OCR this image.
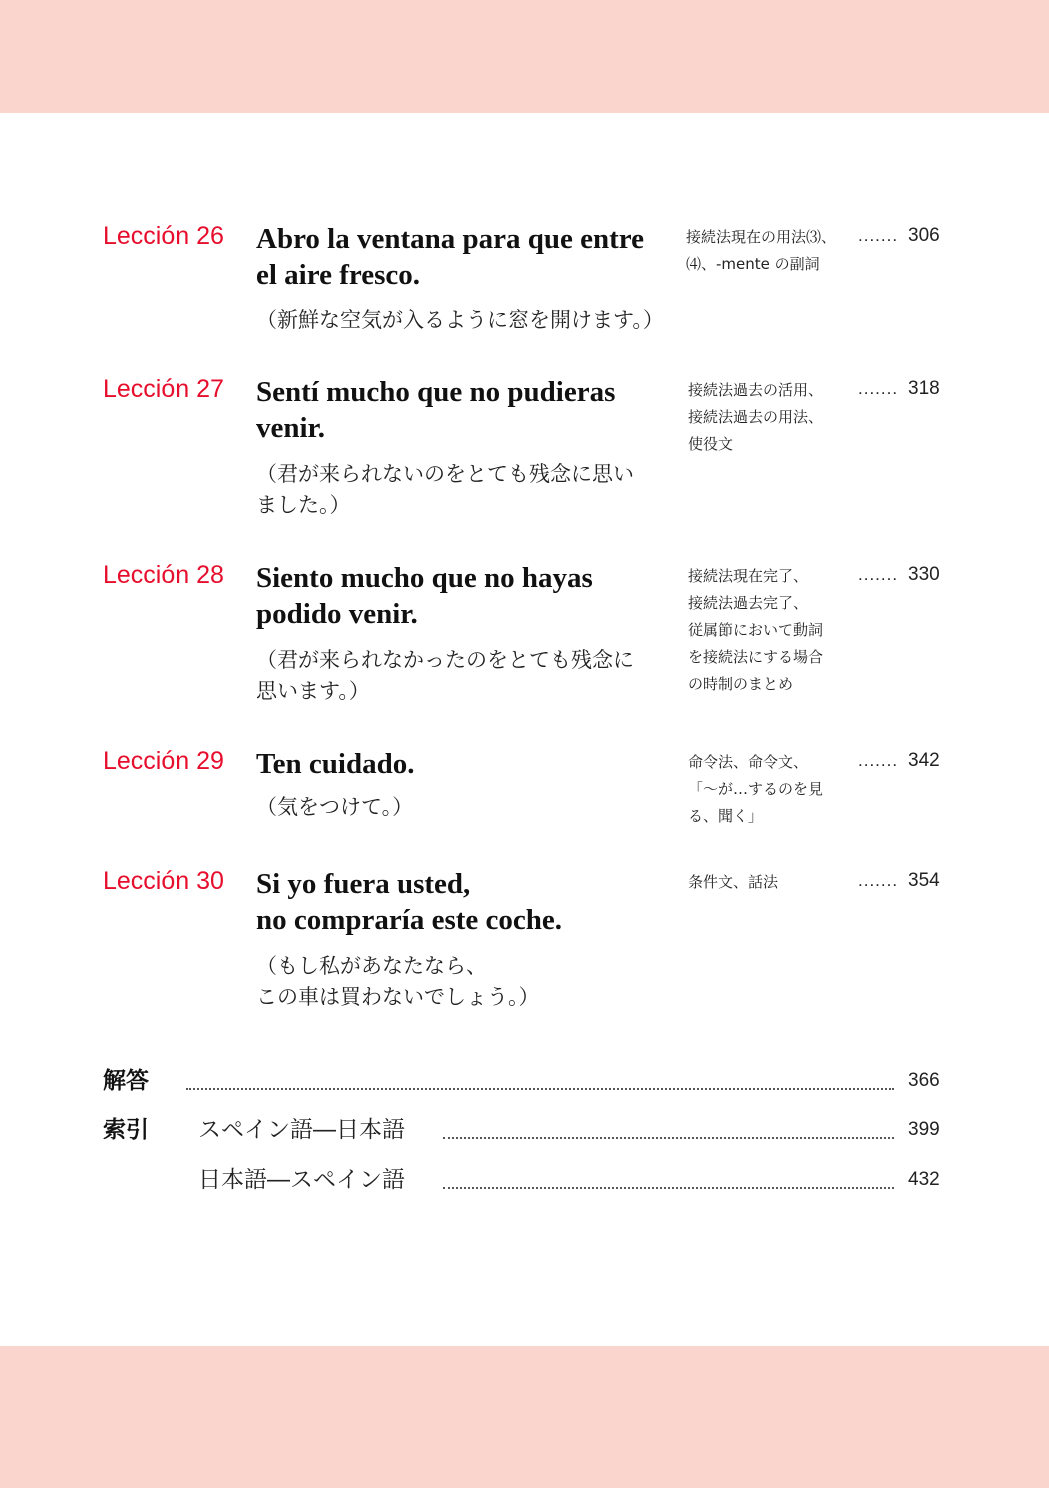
Lección 26 Abro la ventana para que entre
el aire fresco.
（新鮮な空気が入るように窓を開けます。）
接続法現在の用法⑶、
⑷、-mente の副詞
....... 306
Lección 27 Sentí mucho que no pudieras
venir.
（君が来られないのをとても残念に思い
ました。）
接続法過去の活用、
接続法過去の用法、
使役文
....... 318
Lección 28 Siento mucho que no hayas
podido venir.
（君が来られなかったのをとても残念に
思います。）
接続法現在完了、
接続法過去完了、
従属節において動詞
を接続法にする場合
の時制のまとめ
....... 330
Lección 29 Ten cuidado.
（気をつけて。）
命令法、命令文、
「〜が…するのを見
る、聞く」
....... 342
Lección 30 Si yo fuera usted,
no compraría este coche.
（もし私があなたなら、
この車は買わないでしょう。）
条件文、話法	....... 354
解答	366
索引 スペイン語―日本語	399
日本語―スペイン語	432
